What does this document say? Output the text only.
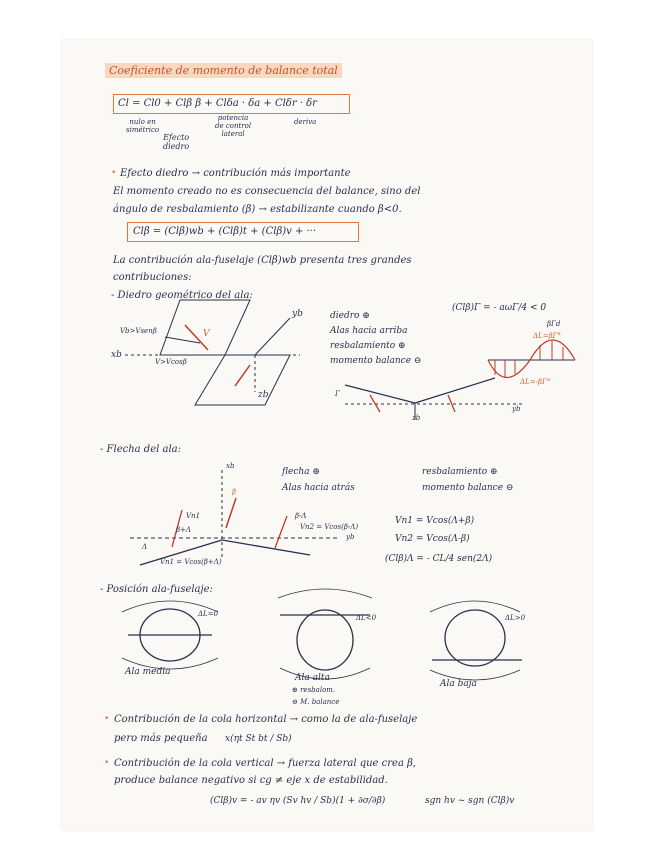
Coeficiente de momento de balance total
Cl = Cl0 + Clβ β + Clδa · δa + Clδr · δr
nulo en
simétrico
Efecto
diedro
potencia
de control
lateral
deriva
• Efecto diedro → contribución más importante
El momento creado no es consecuencia del balance, sino del
ángulo de resbalamiento (β) → estabilizante cuando β<0.
Clβ = (Clβ)wb + (Clβ)t + (Clβ)v + ···
La contribución ala-fuselaje (Clβ)wb presenta tres grandes
contribuciones:
- Diedro geométrico del ala:
(Clβ)Γ = - aωΓ/4 < 0
diedro ⊕
Alas hacia arriba
resbalamiento ⊕
momento balance ⊖
yb
xb
zb
Vb>Vsenβ
V>Vcosβ
V
Γ
zb
yb
ΔL=βΓ°
ΔL=-βΓ°
βΓd
- Flecha del ala:
flecha ⊕
Alas hacia atrás
resbalamiento ⊕
momento balance ⊖
Vn1 = Vcos(Λ+β)
Vn2 = Vcos(Λ-β)
(Clβ)Λ = - CL/4 sen(2Λ)
xb
yb
β
Λ
Vn1 = Vcos(β+Λ)
Vn2 = Vcos(β-Λ)
β-Λ
β+Λ
Vn1
- Posición ala-fuselaje:
ΔL=0	ΔL<0	ΔL>0
Ala media
Ala alta
⊕ resbalom.
⊖ M. balance
Ala baja
• Contribución de la cola horizontal → como la de ala-fuselaje
pero más pequeña x(ηt St bt / Sb)
• Contribución de la cola vertical → fuerza lateral que crea β,
produce balance negativo si cg ≠ eje x de estabilidad.
(Clβ)v = - av ηv (Sv hv / Sb)(1 + ∂σ/∂β)	sgn hv ~ sgn (Clβ)v
